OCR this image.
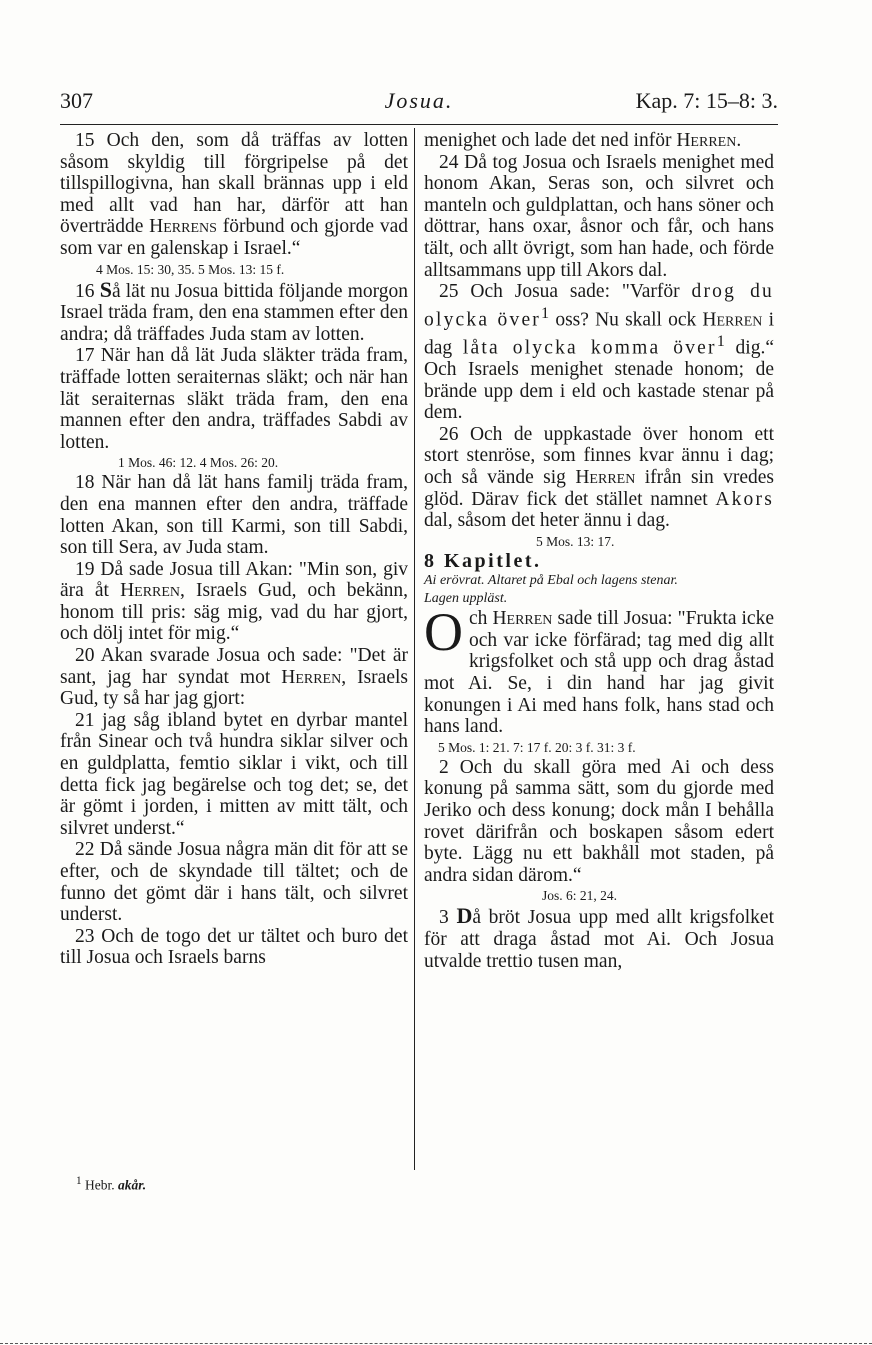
307	Josua.	Kap. 7: 15–8: 3.

15 Och den, som då träffas av lotten såsom skyldig till förgripelse på det tillspillogivna, han skall brännas upp i eld med allt vad han har, därför att han överträdde Herrens förbund och gjorde vad som var en galenskap i Israel.“

4 Mos. 15: 30, 35. 5 Mos. 13: 15 f.

16 Så lät nu Josua bittida följande morgon Israel träda fram, den ena stammen efter den andra; då träffades Juda stam av lotten.

17 När han då lät Juda släkter träda fram, träffade lotten seraiternas släkt; och när han lät seraiternas släkt träda fram, den ena mannen efter den andra, träffades Sabdi av lotten.

1 Mos. 46: 12. 4 Mos. 26: 20.

18 När han då lät hans familj träda fram, den ena mannen efter den andra, träffade lotten Akan, son till Karmi, son till Sabdi, son till Sera, av Juda stam.

19 Då sade Josua till Akan: "Min son, giv ära åt Herren, Israels Gud, och bekänn, honom till pris: säg mig, vad du har gjort, och dölj intet för mig.“

20 Akan svarade Josua och sade: "Det är sant, jag har syndat mot Herren, Israels Gud, ty så har jag gjort:

21 jag såg ibland bytet en dyrbar mantel från Sinear och två hundra siklar silver och en guldplatta, femtio siklar i vikt, och till detta fick jag begärelse och tog det; se, det är gömt i jorden, i mitten av mitt tält, och silvret underst.“

22 Då sände Josua några män dit för att se efter, och de skyndade till tältet; och de funno det gömt där i hans tält, och silvret underst.

23 Och de togo det ur tältet och buro det till Josua och Israels barns

menighet och lade det ned inför Herren.

24 Då tog Josua och Israels menighet med honom Akan, Seras son, och silvret och manteln och guldplattan, och hans söner och döttrar, hans oxar, åsnor och får, och hans tält, och allt övrigt, som han hade, och förde alltsammans upp till Akors dal.

25 Och Josua sade: "Varför drog du olycka över$^1$ oss? Nu skall ock Herren i dag låta olycka komma över$^1$ dig.“ Och Israels menighet stenade honom; de brände upp dem i eld och kastade stenar på dem.

26 Och de uppkastade över honom ett stort stenröse, som finnes kvar ännu i dag; och så vände sig Herren ifrån sin vredes glöd. Därav fick det stället namnet Akors dal, såsom det heter ännu i dag.

5 Mos. 13: 17.

8 Kapitlet.

Ai erövrat. Altaret på Ebal och lagens stenar.
Lagen uppläst.

Och Herren sade till Josua: "Frukta icke och var icke förfärad; tag med dig allt krigsfolket och stå upp och drag åstad mot Ai. Se, i din hand har jag givit konungen i Ai med hans folk, hans stad och hans land.

5 Mos. 1: 21. 7: 17 f. 20: 3 f. 31: 3 f.

2 Och du skall göra med Ai och dess konung på samma sätt, som du gjorde med Jeriko och dess konung; dock mån I behålla rovet därifrån och boskapen såsom edert byte. Lägg nu ett bakhåll mot staden, på andra sidan därom.“

Jos. 6: 21, 24.

3 Då bröt Josua upp med allt krigsfolket för att draga åstad mot Ai. Och Josua utvalde trettio tusen man,

$^1$ Hebr. akår.
